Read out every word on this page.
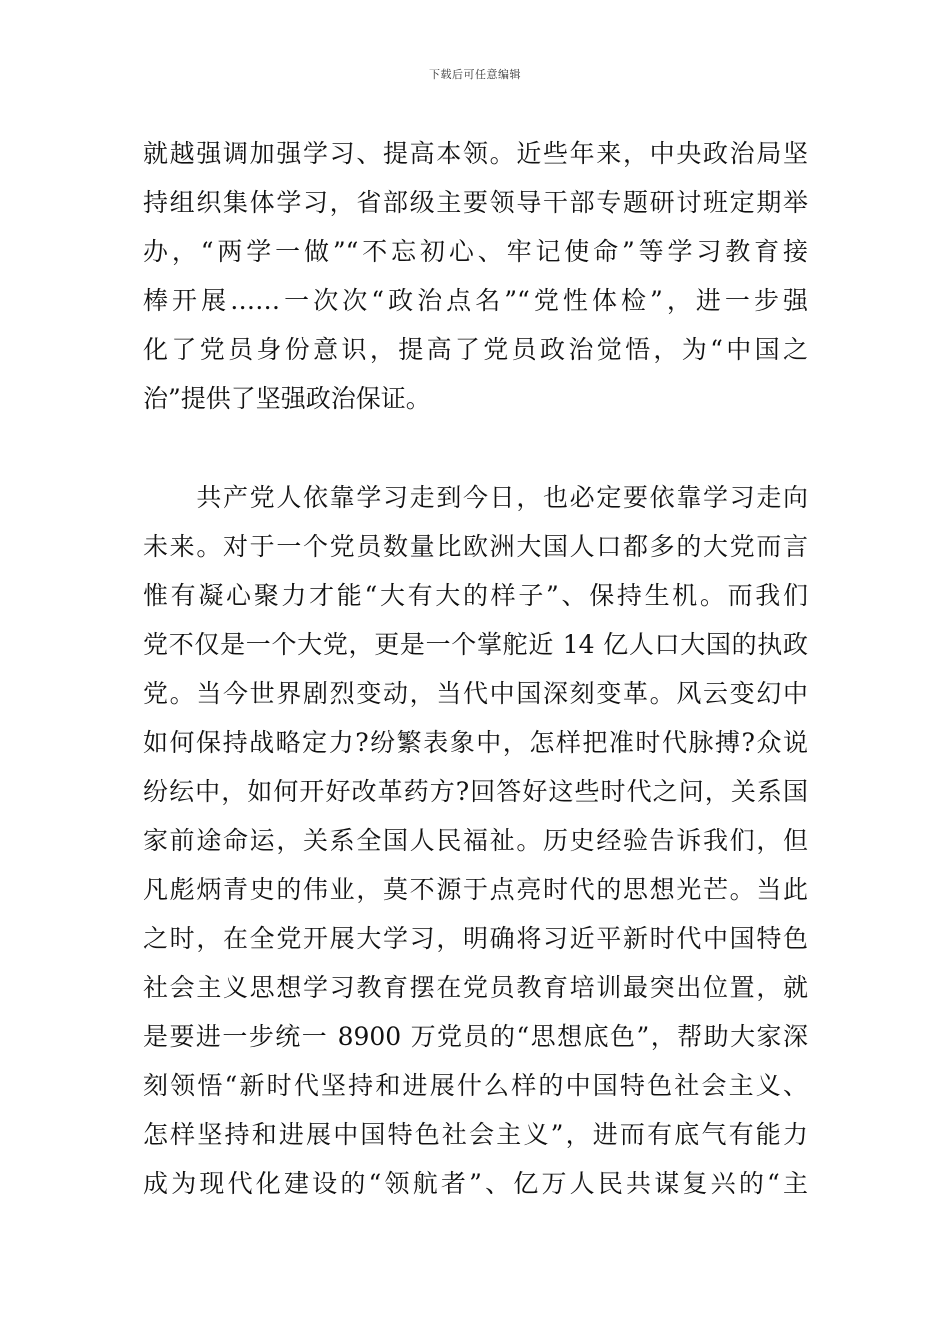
下载后可任意编辑
就越强调加强学习、提高本领。近些年来，中央政治局坚
持组织集体学习，省部级主要领导干部专题研讨班定期举
办，“两学一做”“不忘初心、牢记使命”等学习教育接
棒开展……一次次“政治点名”“党性体检”，进一步强
化了党员身份意识，提高了党员政治觉悟，为“中国之
治”提供了坚强政治保证。
　　共产党人依靠学习走到今日，也必定要依靠学习走向
未来。对于一个党员数量比欧洲大国人口都多的大党而言
惟有凝心聚力才能“大有大的样子”、保持生机。而我们
党不仅是一个大党，更是一个掌舵近 14 亿人口大国的执政
党。当今世界剧烈变动，当代中国深刻变革。风云变幻中
如何保持战略定力?纷繁表象中，怎样把准时代脉搏?众说
纷纭中，如何开好改革药方?回答好这些时代之问，关系国
家前途命运，关系全国人民福祉。历史经验告诉我们，但
凡彪炳青史的伟业，莫不源于点亮时代的思想光芒。当此
之时，在全党开展大学习，明确将习近平新时代中国特色
社会主义思想学习教育摆在党员教育培训最突出位置，就
是要进一步统一 8900 万党员的“思想底色”，帮助大家深
刻领悟“新时代坚持和进展什么样的中国特色社会主义、
怎样坚持和进展中国特色社会主义”，进而有底气有能力
成为现代化建设的“领航者”、亿万人民共谋复兴的“主
